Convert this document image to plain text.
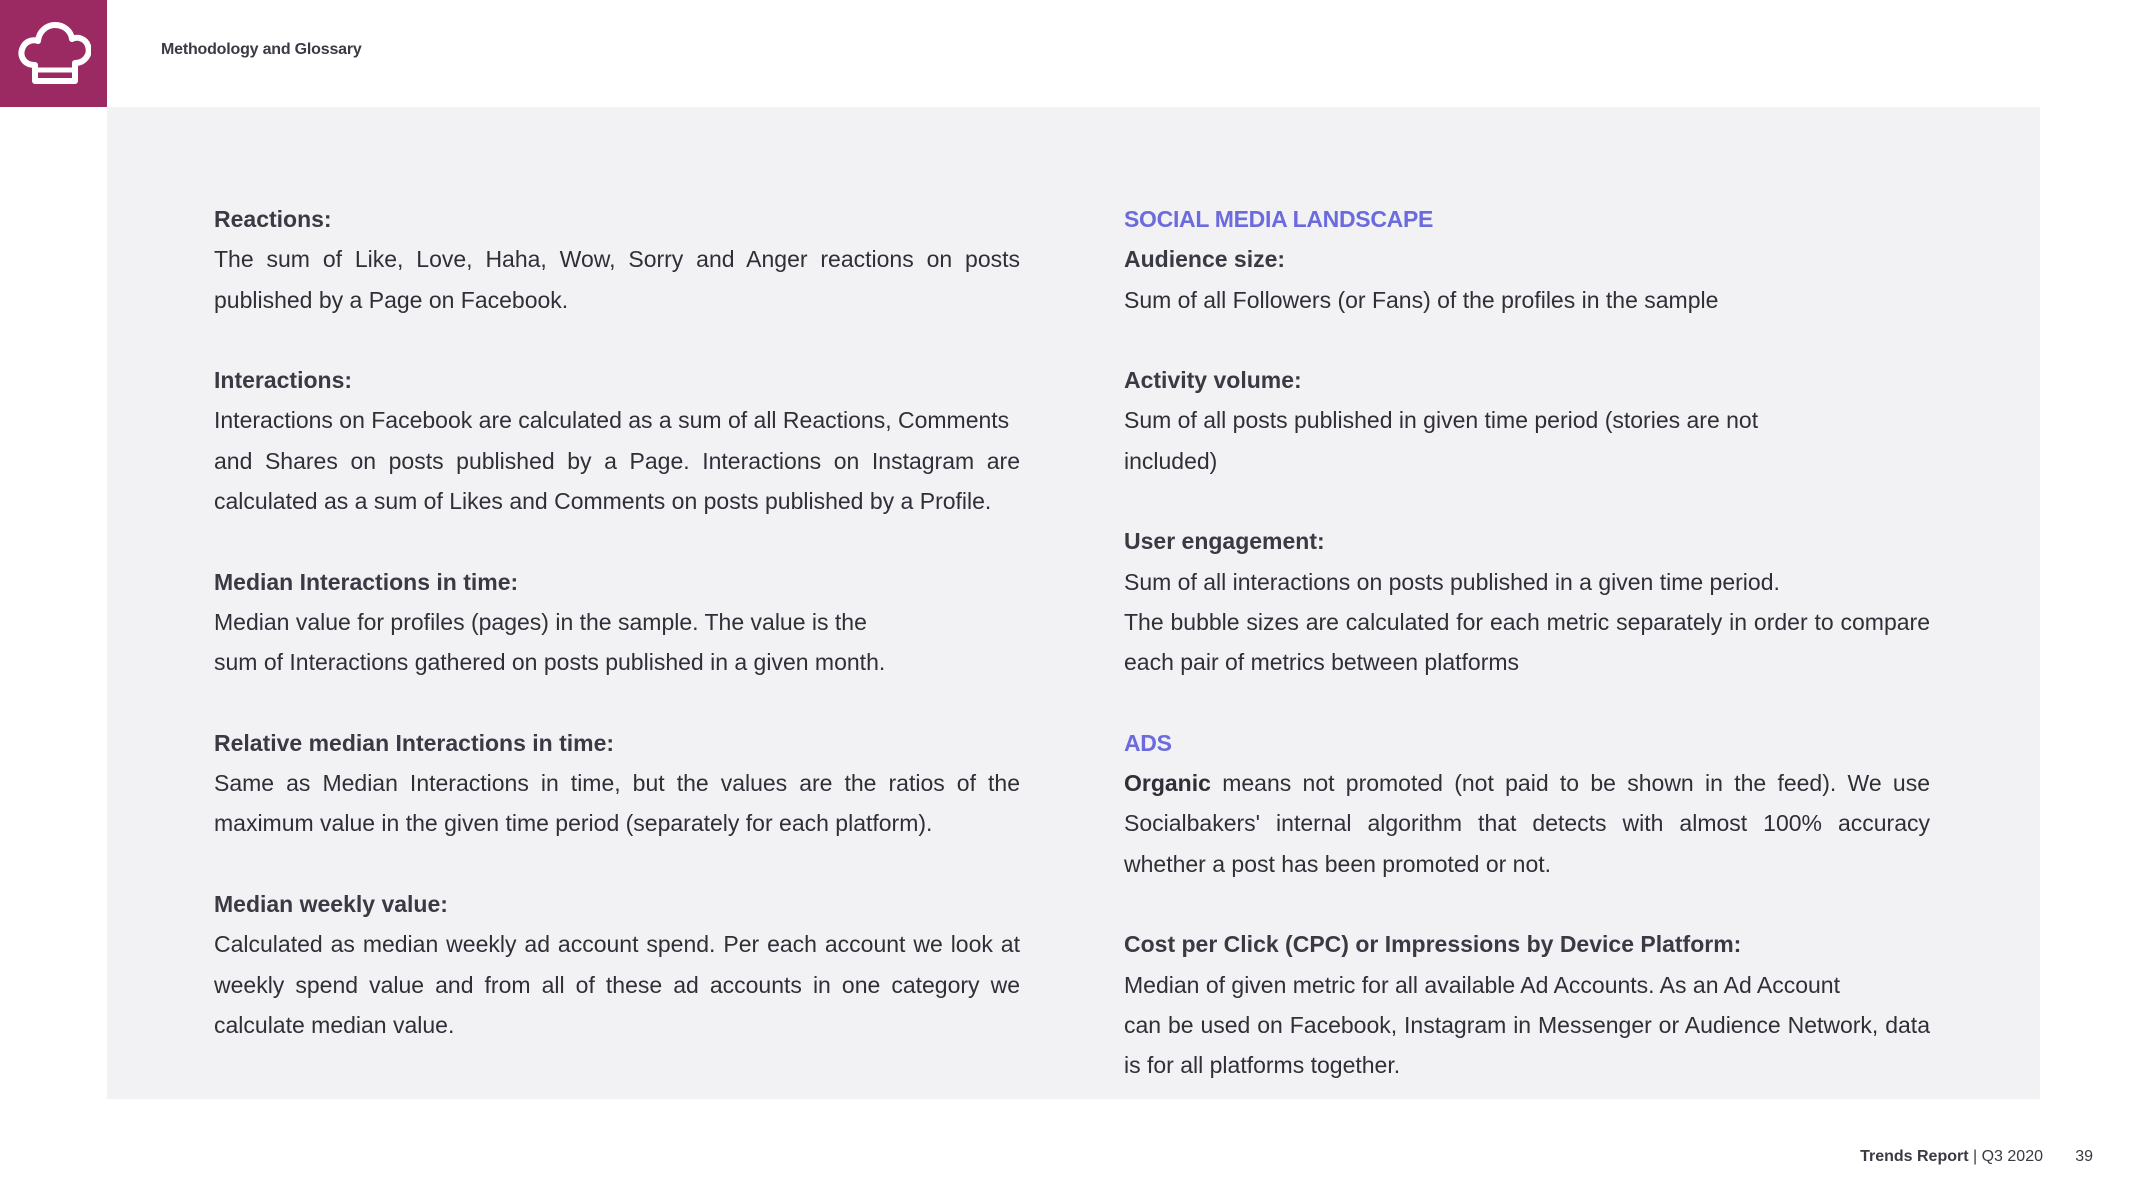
Methodology and Glossary

Reactions:

The sum of Like, Love, Haha, Wow, Sorry and Anger reactions on posts published by a Page on Facebook.

Interactions:

Interactions on Facebook are calculated as a sum of all Reactions, Comments

and Shares on posts published by a Page. Interactions on Instagram are calculated as a sum of Likes and Comments on posts published by a Profile.

Median Interactions in time:

Median value for profiles (pages) in the sample. The value is the

sum of Interactions gathered on posts published in a given month.

Relative median Interactions in time:

Same as Median Interactions in time, but the values are the ratios of the maximum value in the given time period (separately for each platform).

Median weekly value:

Calculated as median weekly ad account spend. Per each account we look at weekly spend value and from all of these ad accounts in one category we calculate median value.

SOCIAL MEDIA LANDSCAPE

Audience size:

Sum of all Followers (or Fans) of the profiles in the sample

Activity volume:

Sum of all posts published in given time period (stories are not

included)

User engagement:

Sum of all interactions on posts published in a given time period.

The bubble sizes are calculated for each metric separately in order to compare each pair of metrics between platforms

ADS

Organic means not promoted (not paid to be shown in the feed). We use Socialbakers' internal algorithm that detects with almost 100% accuracy whether a post has been promoted or not.

Cost per Click (CPC) or Impressions by Device Platform:

Median of given metric for all available Ad Accounts. As an Ad Account

can be used on Facebook, Instagram in Messenger or Audience Network, data is for all platforms together.

Trends Report | Q3 2020 39
